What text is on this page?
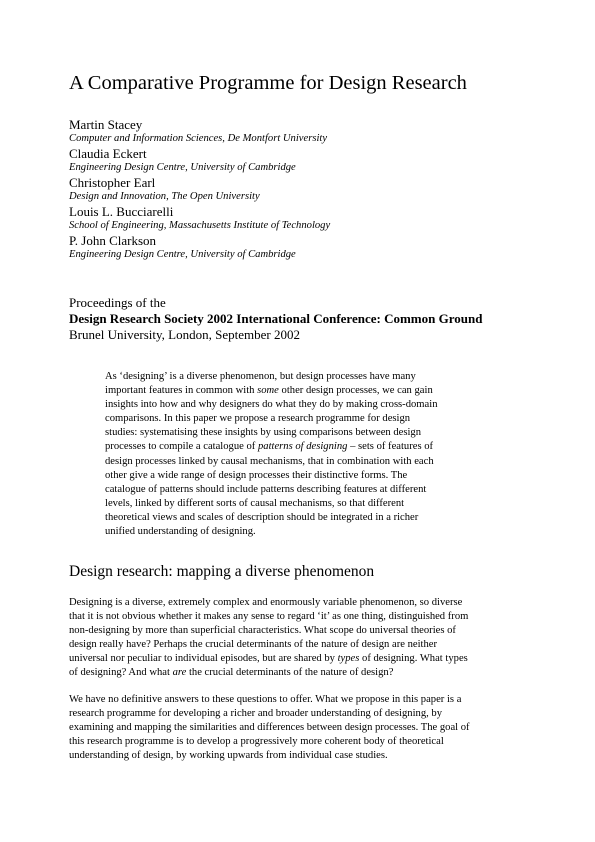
A Comparative Programme for Design Research
Martin Stacey
Computer and Information Sciences, De Montfort University
Claudia Eckert
Engineering Design Centre, University of Cambridge
Christopher Earl
Design and Innovation, The Open University
Louis L. Bucciarelli
School of Engineering, Massachusetts Institute of Technology
P. John Clarkson
Engineering Design Centre, University of Cambridge
Proceedings of the
Design Research Society 2002 International Conference: Common Ground
Brunel University, London, September 2002
As ‘designing’ is a diverse phenomenon, but design processes have many
important features in common with some other design processes, we can gain
insights into how and why designers do what they do by making cross-domain
comparisons. In this paper we propose a research programme for design
studies: systematising these insights by using comparisons between design
processes to compile a catalogue of patterns of designing – sets of features of
design processes linked by causal mechanisms, that in combination with each
other give a wide range of design processes their distinctive forms. The
catalogue of patterns should include patterns describing features at different
levels, linked by different sorts of causal mechanisms, so that different
theoretical views and scales of description should be integrated in a richer
unified understanding of designing.
Design research: mapping a diverse phenomenon
Designing is a diverse, extremely complex and enormously variable phenomenon, so diverse
that it is not obvious whether it makes any sense to regard ‘it’ as one thing, distinguished from
non-designing by more than superficial characteristics. What scope do universal theories of
design really have? Perhaps the crucial determinants of the nature of design are neither
universal nor peculiar to individual episodes, but are shared by types of designing. What types
of designing? And what are the crucial determinants of the nature of design?
We have no definitive answers to these questions to offer. What we propose in this paper is a
research programme for developing a richer and broader understanding of designing, by
examining and mapping the similarities and differences between design processes. The goal of
this research programme is to develop a progressively more coherent body of theoretical
understanding of design, by working upwards from individual case studies.
